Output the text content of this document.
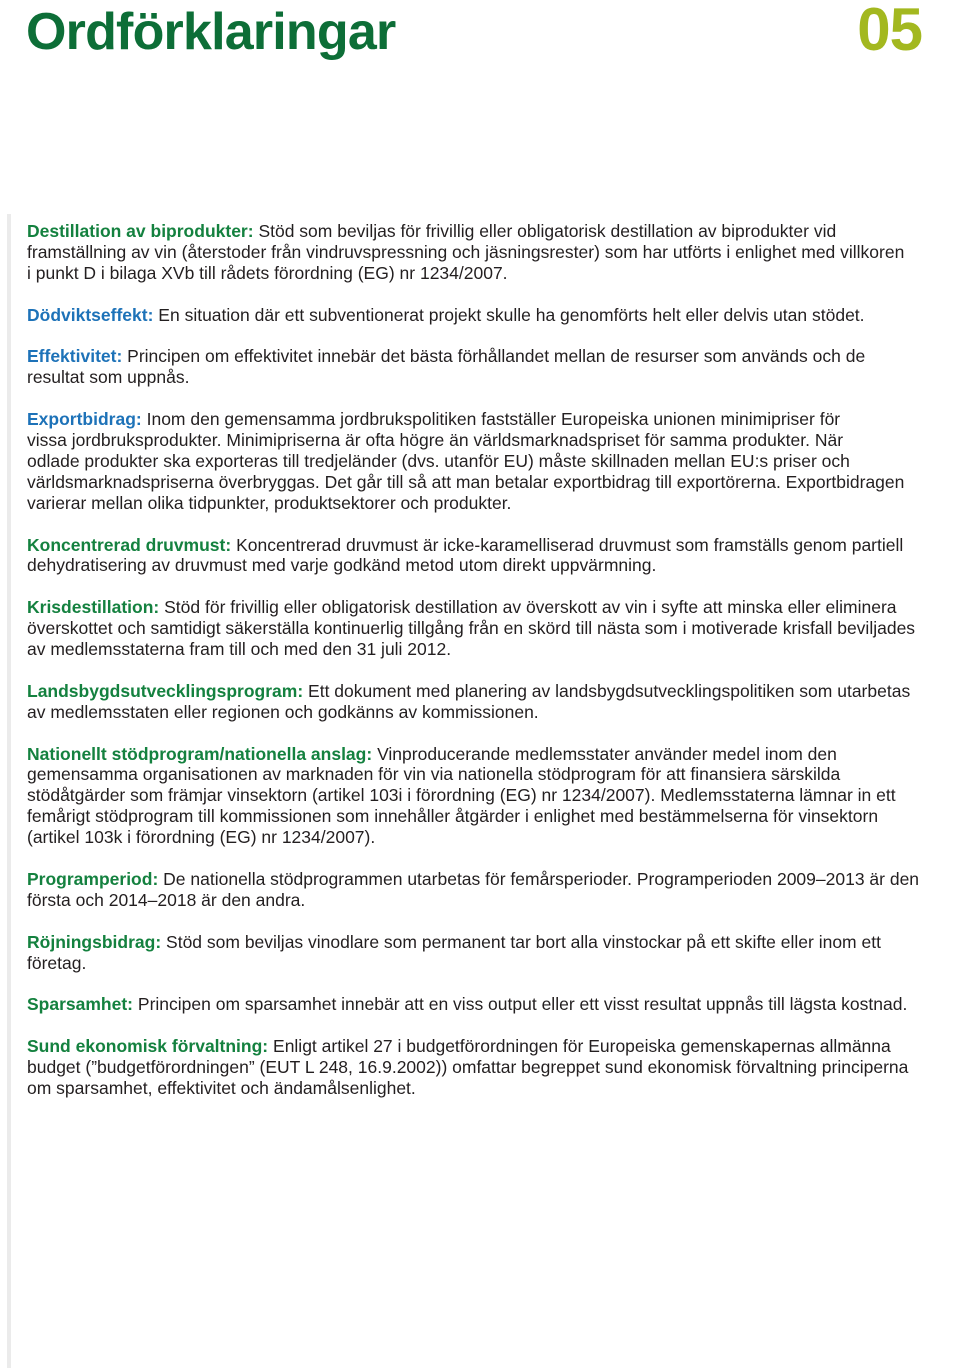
Ordförklaringar	05

Destillation av biprodukter: Stöd som beviljas för frivillig eller obligatorisk destillation av biprodukter vid
framställning av vin (återstoder från vindruvspressning och jäsningsrester) som har utförts i enlighet med villkoren
i punkt D i bilaga XVb till rådets förordning (EG) nr 1234/2007.

Dödviktseffekt: En situation där ett subventionerat projekt skulle ha genomförts helt eller delvis utan stödet.

Effektivitet: Principen om effektivitet innebär det bästa förhållandet mellan de resurser som används och de
resultat som uppnås.

Exportbidrag: Inom den gemensamma jordbrukspolitiken fastställer Europeiska unionen minimipriser för
vissa jordbruksprodukter. Minimipriserna är ofta högre än världsmarknadspriset för samma produkter. När
odlade produkter ska exporteras till tredjeländer (dvs. utanför EU) måste skillnaden mellan EU:s priser och
världsmarknadspriserna överbryggas. Det går till så att man betalar exportbidrag till exportörerna. Exportbidragen
varierar mellan olika tidpunkter, produktsektorer och produkter.

Koncentrerad druvmust: Koncentrerad druvmust är icke-karamelliserad druvmust som framställs genom partiell
dehydratisering av druvmust med varje godkänd metod utom direkt uppvärmning.

Krisdestillation: Stöd för frivillig eller obligatorisk destillation av överskott av vin i syfte att minska eller eliminera
överskottet och samtidigt säkerställa kontinuerlig tillgång från en skörd till nästa som i motiverade krisfall beviljades
av medlemsstaterna fram till och med den 31 juli 2012.

Landsbygdsutvecklingsprogram: Ett dokument med planering av landsbygdsutvecklingspolitiken som utarbetas
av medlemsstaten eller regionen och godkänns av kommissionen.

Nationellt stödprogram/nationella anslag: Vinproducerande medlemsstater använder medel inom den
gemensamma organisationen av marknaden för vin via nationella stödprogram för att finansiera särskilda
stödåtgärder som främjar vinsektorn (artikel 103i i förordning (EG) nr 1234/2007). Medlemsstaterna lämnar in ett
femårigt stödprogram till kommissionen som innehåller åtgärder i enlighet med bestämmelserna för vinsektorn
(artikel 103k i förordning (EG) nr 1234/2007).

Programperiod: De nationella stödprogrammen utarbetas för femårsperioder. Programperioden 2009–2013 är den
första och 2014–2018 är den andra.

Röjningsbidrag: Stöd som beviljas vinodlare som permanent tar bort alla vinstockar på ett skifte eller inom ett
företag.

Sparsamhet: Principen om sparsamhet innebär att en viss output eller ett visst resultat uppnås till lägsta kostnad.

Sund ekonomisk förvaltning: Enligt artikel 27 i budgetförordningen för Europeiska gemenskapernas allmänna
budget (”budgetförordningen” (EUT L 248, 16.9.2002)) omfattar begreppet sund ekonomisk förvaltning principerna
om sparsamhet, effektivitet och ändamålsenlighet.
